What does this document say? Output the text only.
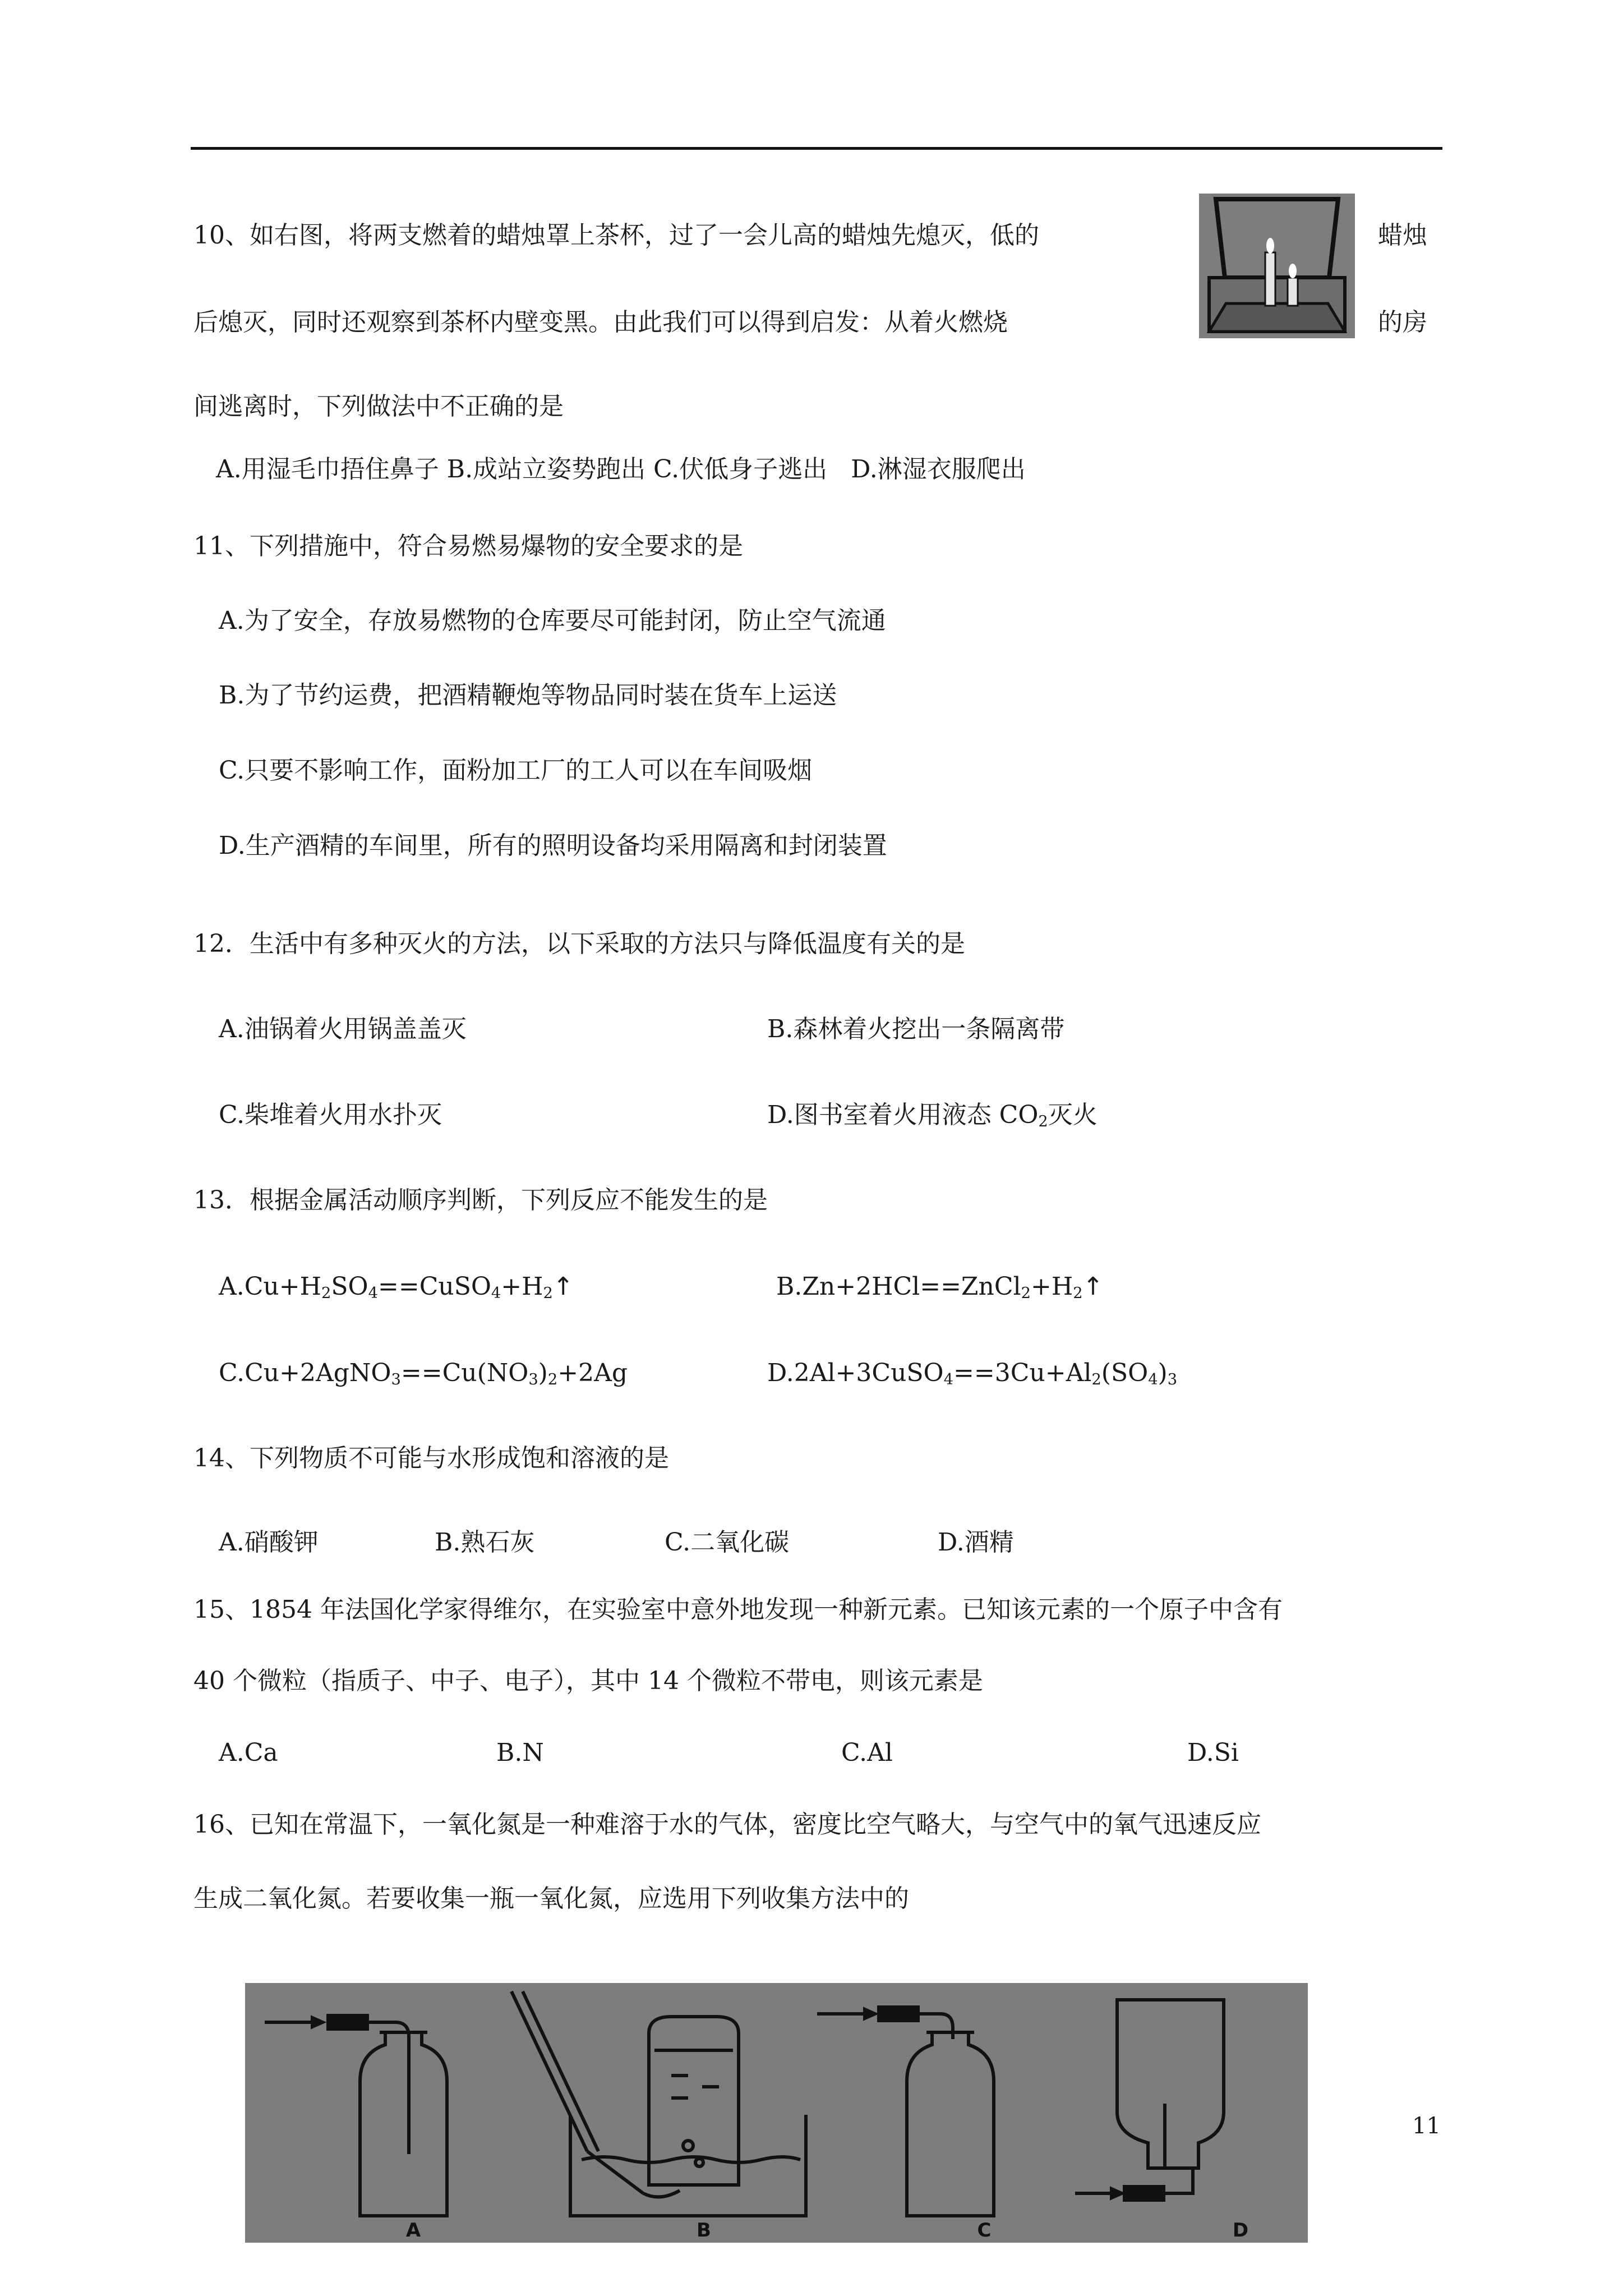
10、如右图，将两支燃着的蜡烛罩上茶杯，过了一会儿高的蜡烛先熄灭，低的	蜡烛
后熄灭，同时还观察到茶杯内壁变黑。由此我们可以得到启发：从着火燃烧	的房
间逃离时，下列做法中不正确的是
A.用湿毛巾捂住鼻子 B.成站立姿势跑出 C.伏低身子逃出   D.淋湿衣服爬出
11、下列措施中，符合易燃易爆物的安全要求的是
A.为了安全，存放易燃物的仓库要尽可能封闭，防止空气流通
B.为了节约运费，把酒精鞭炮等物品同时装在货车上运送
C.只要不影响工作，面粉加工厂的工人可以在车间吸烟
D.生产酒精的车间里，所有的照明设备均采用隔离和封闭装置
12．生活中有多种灭火的方法，以下采取的方法只与降低温度有关的是
A.油锅着火用锅盖盖灭	B.森林着火挖出一条隔离带
C.柴堆着火用水扑灭	D.图书室着火用液态 $CO_2$灭火
13．根据金属活动顺序判断，下列反应不能发生的是
$A.Cu+H_2SO_4==CuSO_4+H_2↑$	$B.Zn+2HCl==ZnCl_2+H_2↑$
$C.Cu+2AgNO_3==Cu(NO_3)_2+2Ag$	$D.2Al+3CuSO_4==3Cu+Al_2(SO_4)_3$
14、下列物质不可能与水形成饱和溶液的是
A.硝酸钾	B.熟石灰	C.二氧化碳	D.酒精
15、1854 年法国化学家得维尔，在实验室中意外地发现一种新元素。已知该元素的一个原子中含有
40 个微粒（指质子、中子、电子），其中 14 个微粒不带电，则该元素是
A.Ca	B.N	C.Al	D.Si
16、已知在常温下，一氧化氮是一种难溶于水的气体，密度比空气略大，与空气中的氧气迅速反应
生成二氧化氮。若要收集一瓶一氧化氮，应选用下列收集方法中的
A	B	C	D
11
